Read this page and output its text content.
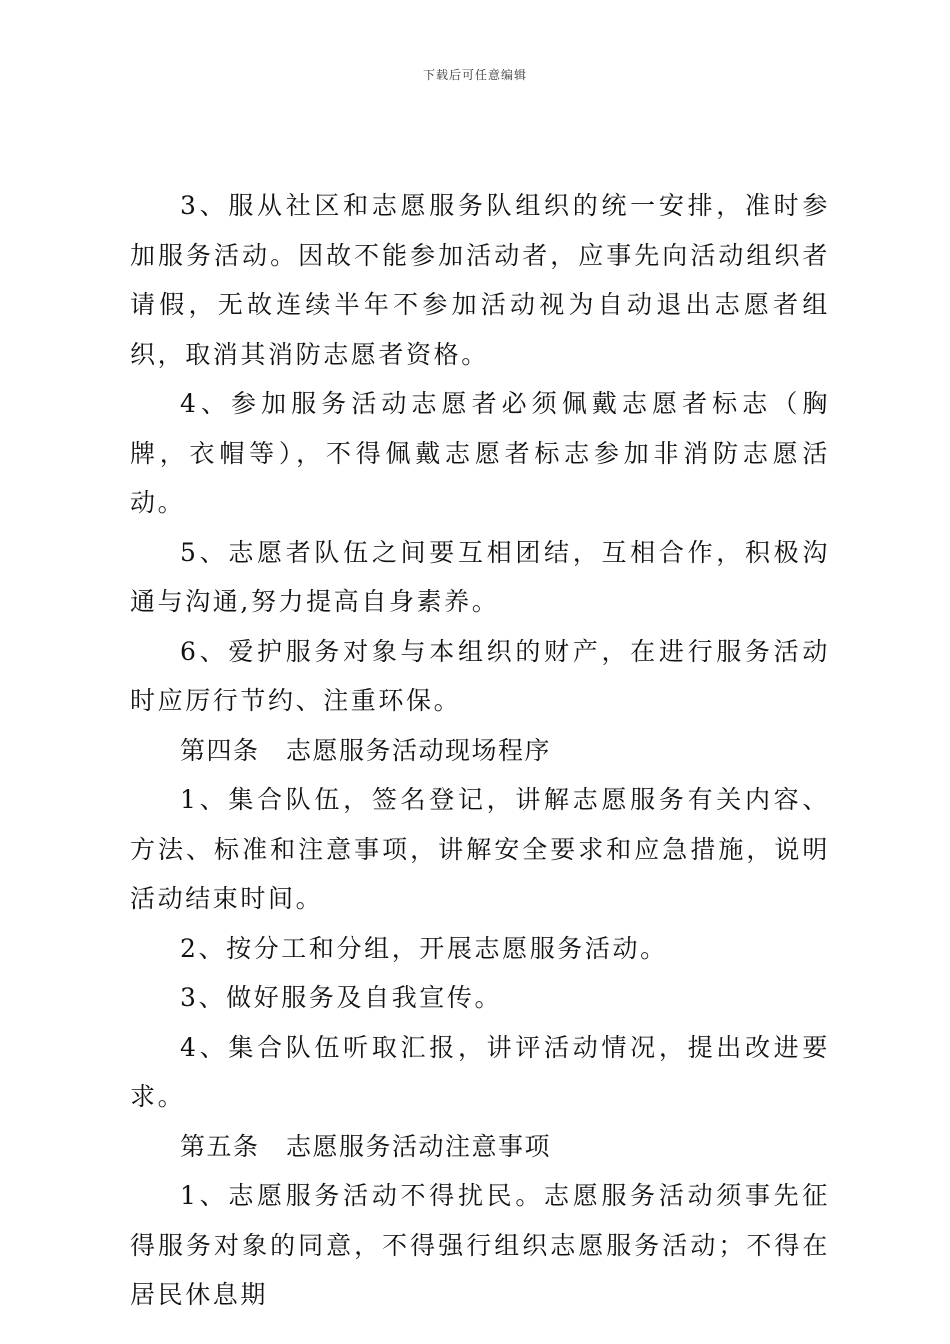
下载后可任意编辑

3、服从社区和志愿服务队组织的统一安排，准时参加服务活动。因故不能参加活动者，应事先向活动组织者请假，无故连续半年不参加活动视为自动退出志愿者组织，取消其消防志愿者资格。

4、参加服务活动志愿者必须佩戴志愿者标志（胸牌，衣帽等），不得佩戴志愿者标志参加非消防志愿活动。

5、志愿者队伍之间要互相团结，互相合作，积极沟通与沟通,努力提高自身素养。

6、爱护服务对象与本组织的财产，在进行服务活动时应厉行节约、注重环保。

第四条　志愿服务活动现场程序

1、集合队伍，签名登记，讲解志愿服务有关内容、方法、标准和注意事项，讲解安全要求和应急措施，说明活动结束时间。

2、按分工和分组，开展志愿服务活动。

3、做好服务及自我宣传。

4、集合队伍听取汇报，讲评活动情况，提出改进要求。

第五条　志愿服务活动注意事项

1、志愿服务活动不得扰民。志愿服务活动须事先征得服务对象的同意，不得强行组织志愿服务活动；不得在居民休息期
